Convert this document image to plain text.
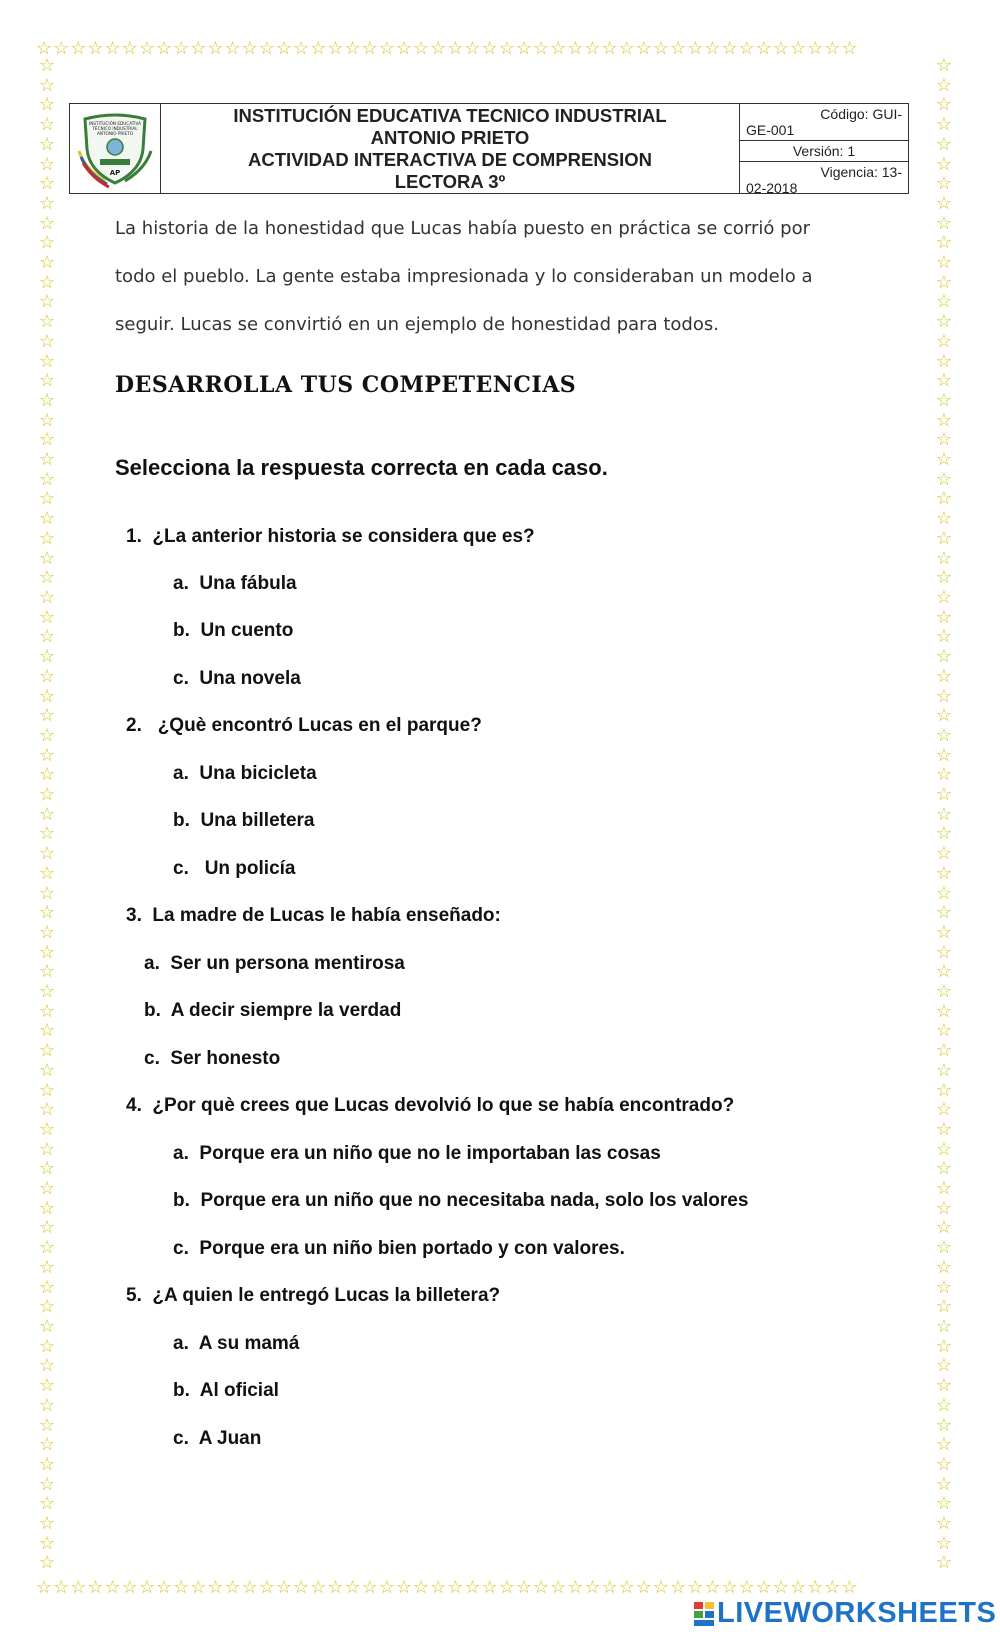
☆☆☆☆☆☆☆☆☆☆☆☆☆☆☆☆☆☆☆☆☆☆☆☆☆☆☆☆☆☆☆☆☆☆☆☆☆☆☆☆☆☆☆☆☆☆☆☆
☆☆☆☆☆☆☆☆☆☆☆☆☆☆☆☆☆☆☆☆☆☆☆☆☆☆☆☆☆☆☆☆☆☆☆☆☆☆☆☆☆☆☆☆☆☆☆☆
☆
☆
☆
☆
☆
☆
☆
☆
☆
☆
☆
☆
☆
☆
☆
☆
☆
☆
☆
☆
☆
☆
☆
☆
☆
☆
☆
☆
☆
☆
☆
☆
☆
☆
☆
☆
☆
☆
☆
☆
☆
☆
☆
☆
☆
☆
☆
☆
☆
☆
☆
☆
☆
☆
☆
☆
☆
☆
☆
☆
☆
☆
☆
☆
☆
☆
☆
☆
☆
☆
☆
☆
☆
☆
☆
☆
☆

☆
☆
☆
☆
☆
☆
☆
☆
☆
☆
☆
☆
☆
☆
☆
☆
☆
☆
☆
☆
☆
☆
☆
☆
☆
☆
☆
☆
☆
☆
☆
☆
☆
☆
☆
☆
☆
☆
☆
☆
☆
☆
☆
☆
☆
☆
☆
☆
☆
☆
☆
☆
☆
☆
☆
☆
☆
☆
☆
☆
☆
☆
☆
☆
☆
☆
☆
☆
☆
☆
☆
☆
☆
☆
☆
☆
☆

INSTITUCIÓN EDUCATIVA
TÉCNICO INDUSTRIAL
ANTONIO PRIETO
AP
INSTITUCIÓN EDUCATIVA TECNICO INDUSTRIAL
ANTONIO PRIETO
ACTIVIDAD INTERACTIVA DE COMPRENSION
LECTORA 3º
Código: GUI-
GE-001
Versión: 1
Vigencia: 13-
02-2018
La historia de la honestidad que Lucas había puesto en práctica se corrió por
todo el pueblo. La gente estaba impresionada y lo consideraban un modelo a
seguir. Lucas se convirtió en un ejemplo de honestidad para todos.
DESARROLLA TUS COMPETENCIAS
Selecciona la respuesta correcta en cada caso.
1. ¿La anterior historia se considera que es?
a. Una fábula
b. Un cuento
c. Una novela
2. ¿Què encontró Lucas en el parque?
a. Una bicicleta
b. Una billetera
c. Un policía
3. La madre de Lucas le había enseñado:
a. Ser un persona mentirosa
b. A decir siempre la verdad
c. Ser honesto
4. ¿Por què crees que Lucas devolvió lo que se había encontrado?
a. Porque era un niño que no le importaban las cosas
b. Porque era un niño que no necesitaba nada, solo los valores
c. Porque era un niño bien portado y con valores.
5. ¿A quien le entregó Lucas la billetera?
a. A su mamá
b. Al oficial
c. A Juan
LIVEWORKSHEETS
